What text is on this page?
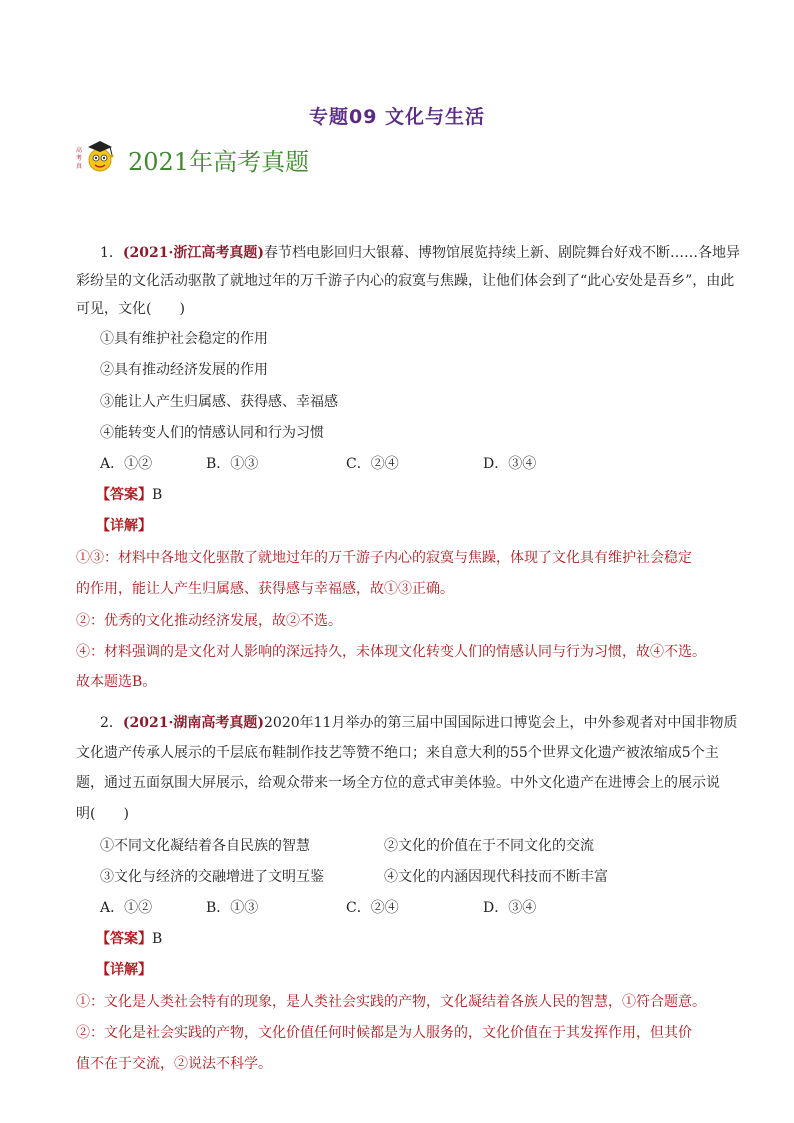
专题09 文化与生活
高
考
真 2021年高考真题
1．(2021·浙江高考真题)春节档电影回归大银幕、博物馆展览持续上新、剧院舞台好戏不断……各地异
彩纷呈的文化活动驱散了就地过年的万千游子内心的寂寞与焦躁，让他们体会到了“此心安处是吾乡”，由此
可见，文化(　　)
①具有维护社会稳定的作用
②具有推动经济发展的作用
③能让人产生归属感、获得感、幸福感
④能转变人们的情感认同和行为习惯
A．①②	B．①③	C．②④	D．③④
【答案】B
【详解】
①③：材料中各地文化驱散了就地过年的万千游子内心的寂寞与焦躁，体现了文化具有维护社会稳定
的作用，能让人产生归属感、获得感与幸福感，故①③正确。
②：优秀的文化推动经济发展，故②不选。
④：材料强调的是文化对人影响的深远持久，未体现文化转变人们的情感认同与行为习惯，故④不选。
故本题选B。
2．(2021·湖南高考真题)2020年11月举办的第三届中国国际进口博览会上，中外参观者对中国非物质
文化遗产传承人展示的千层底布鞋制作技艺等赞不绝口；来自意大利的55个世界文化遗产被浓缩成5个主
题，通过五面氛围大屏展示，给观众带来一场全方位的意式审美体验。中外文化遗产在进博会上的展示说
明(　　)
①不同文化凝结着各自民族的智慧	②文化的价值在于不同文化的交流
③文化与经济的交融增进了文明互鉴	④文化的内涵因现代科技而不断丰富
A．①②	B．①③	C．②④	D．③④
【答案】B
【详解】
①：文化是人类社会特有的现象，是人类社会实践的产物，文化凝结着各族人民的智慧，①符合题意。
②：文化是社会实践的产物，文化价值任何时候都是为人服务的，文化价值在于其发挥作用，但其价
值不在于交流，②说法不科学。
